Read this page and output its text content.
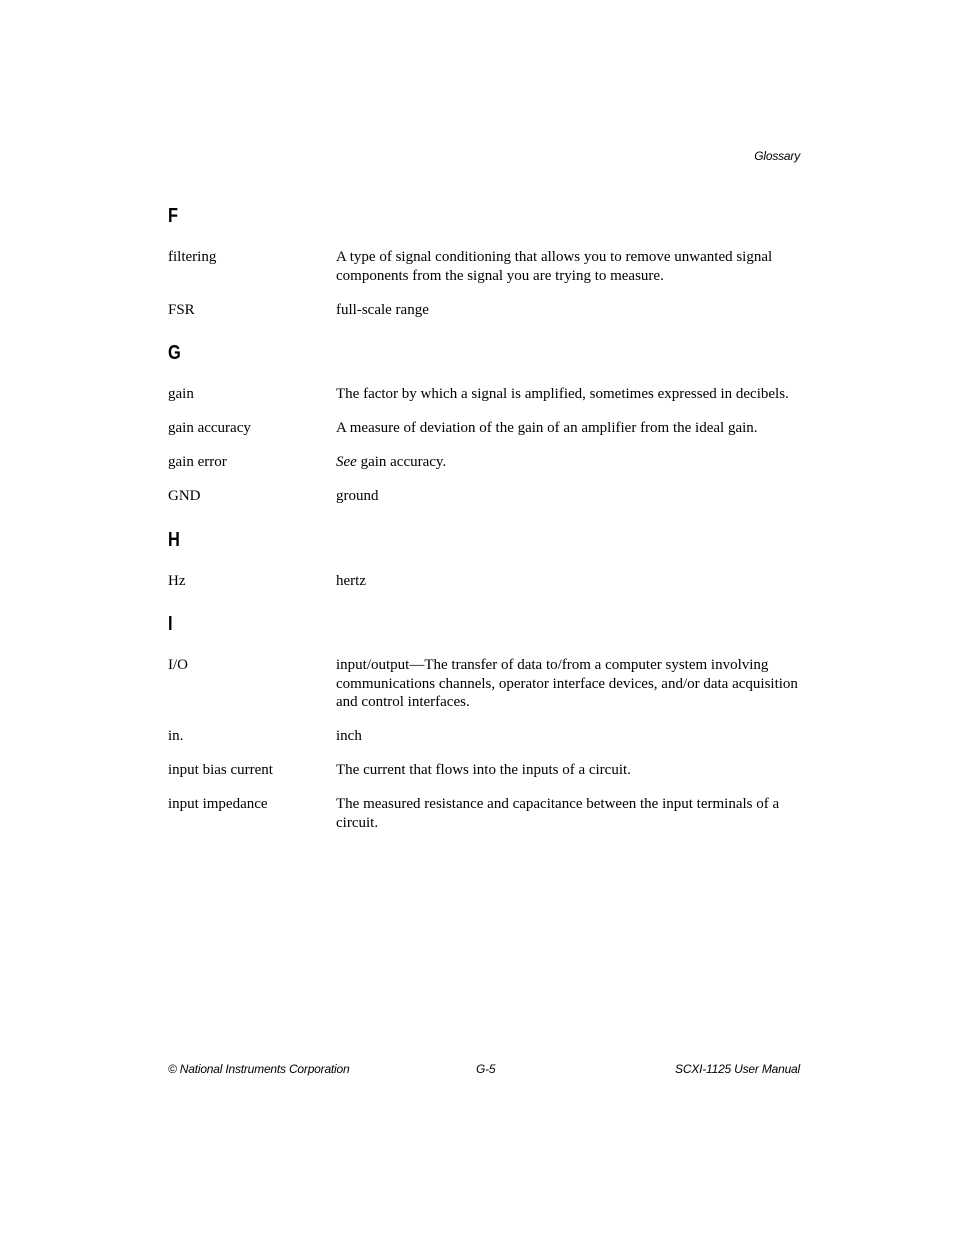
Glossary
F
filtering	A type of signal conditioning that allows you to remove unwanted signal components from the signal you are trying to measure.
FSR	full-scale range
G
gain	The factor by which a signal is amplified, sometimes expressed in decibels.
gain accuracy	A measure of deviation of the gain of an amplifier from the ideal gain.
gain error	See gain accuracy.
GND	ground
H
Hz	hertz
I
I/O	input/output—The transfer of data to/from a computer system involving communications channels, operator interface devices, and/or data acquisition and control interfaces.
in.	inch
input bias current	The current that flows into the inputs of a circuit.
input impedance	The measured resistance and capacitance between the input terminals of a circuit.
© National Instruments Corporation	G-5	SCXI-1125 User Manual
